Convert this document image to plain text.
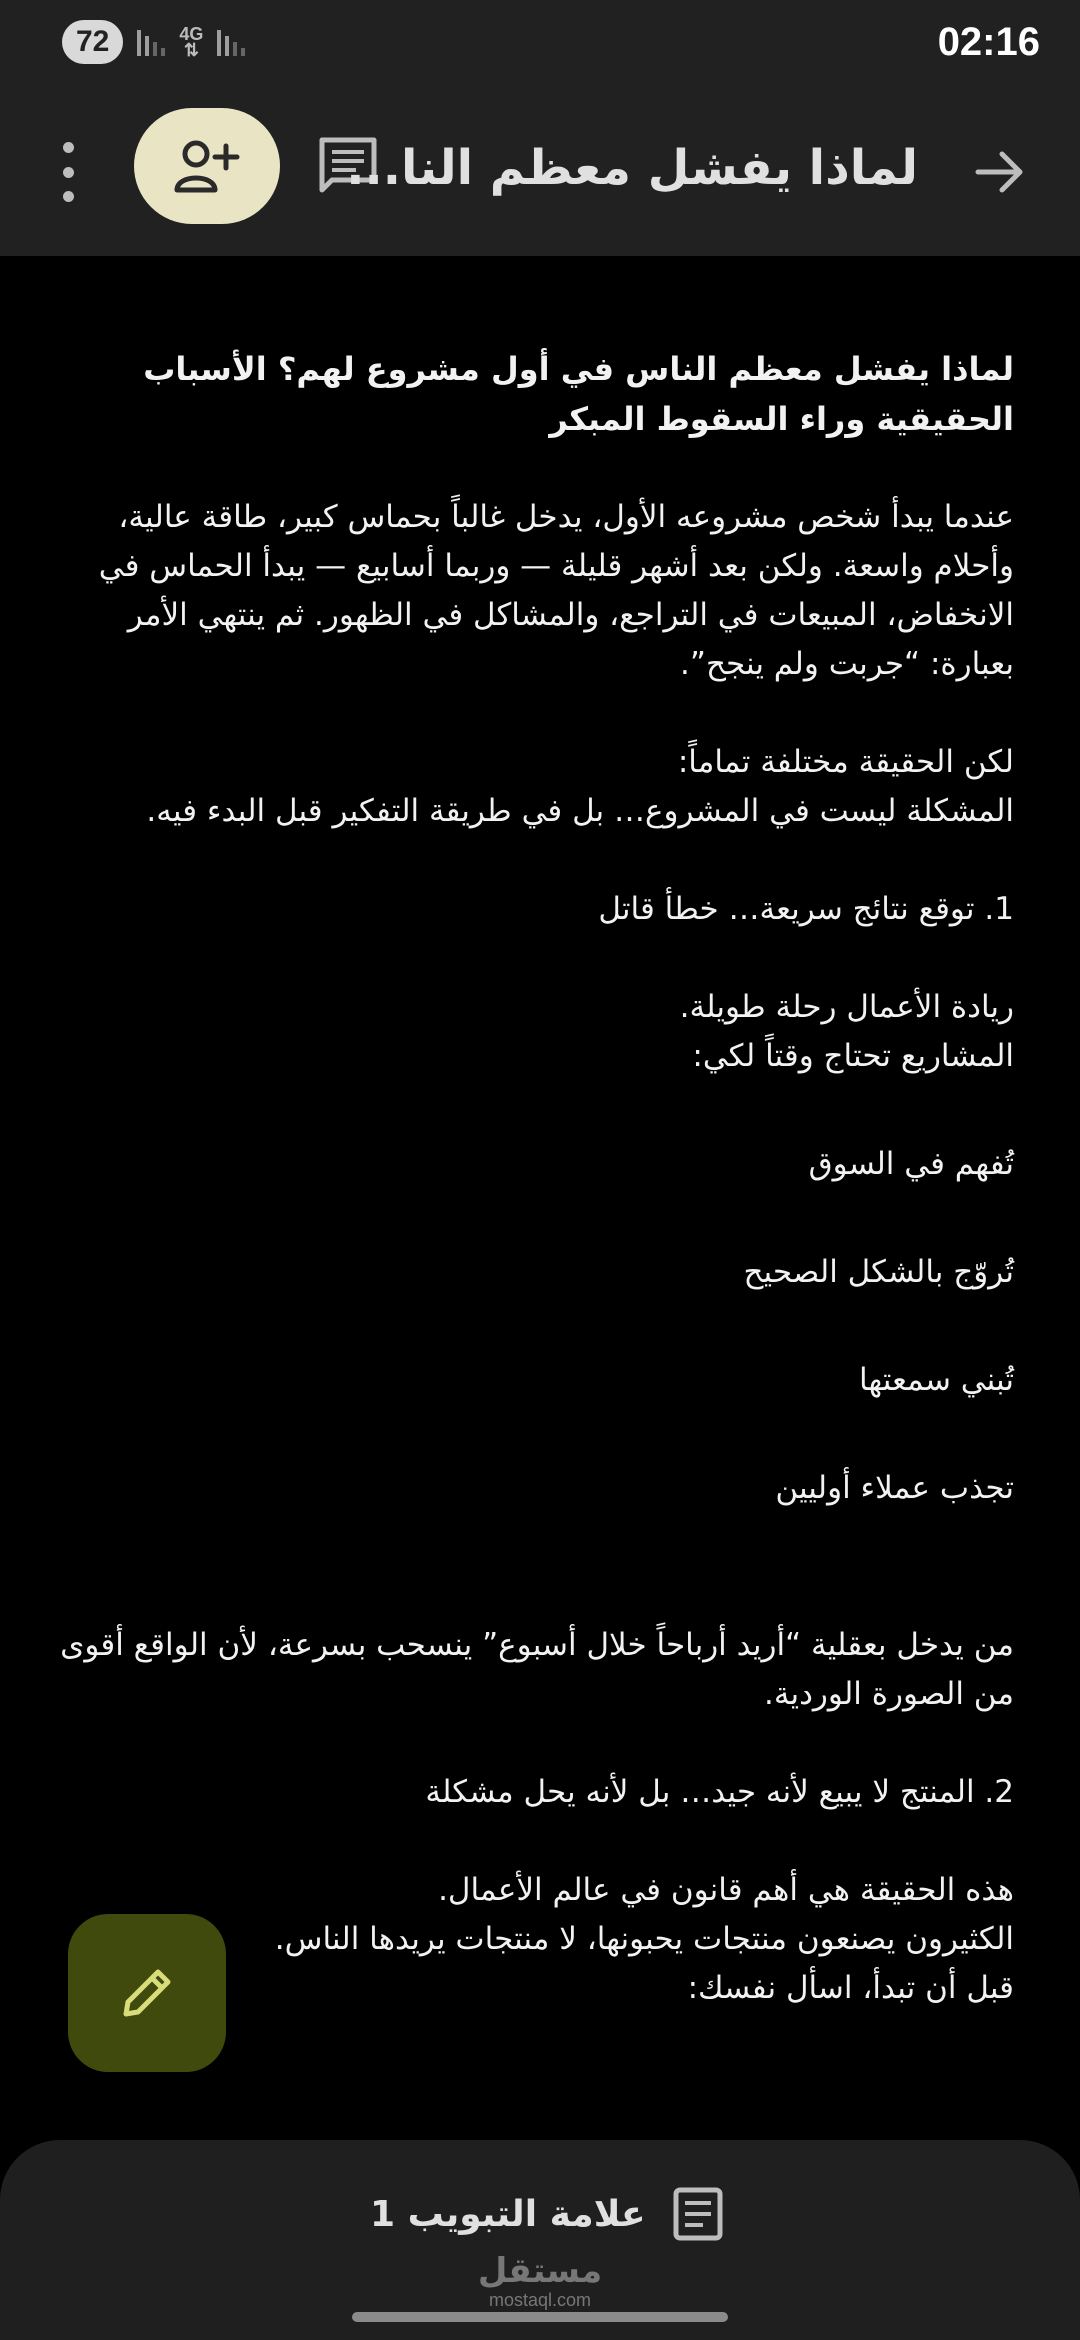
72	4G
⇅	02:16
لماذا يفشل معظم النا...

لماذا يفشل معظم الناس في أول مشروع لهم؟ الأسباب الحقيقية وراء السقوط المبكر

عندما يبدأ شخص مشروعه الأول، يدخل غالباً بحماس كبير، طاقة عالية، وأحلام واسعة. ولكن بعد أشهر قليلة — وربما أسابيع — يبدأ الحماس في الانخفاض، المبيعات في التراجع، والمشاكل في الظهور. ثم ينتهي الأمر بعبارة: “جربت ولم ينجح”.

لكن الحقيقة مختلفة تماماً:

المشكلة ليست في المشروع… بل في طريقة التفكير قبل البدء فيه.

1. توقع نتائج سريعة… خطأ قاتل

ريادة الأعمال رحلة طويلة.

المشاريع تحتاج وقتاً لكي:

تُفهم في السوق

تُروّج بالشكل الصحيح

تُبني سمعتها

تجذب عملاء أوليين

من يدخل بعقلية “أريد أرباحاً خلال أسبوع” ينسحب بسرعة، لأن الواقع أقوى من الصورة الوردية.

2. المنتج لا يبيع لأنه جيد… بل لأنه يحل مشكلة

هذه الحقيقة هي أهم قانون في عالم الأعمال.

الكثيرون يصنعون منتجات يحبونها، لا منتجات يريدها الناس.

قبل أن تبدأ، اسأل نفسك:

علامة التبويب 1
مستقل
mostaql.com
